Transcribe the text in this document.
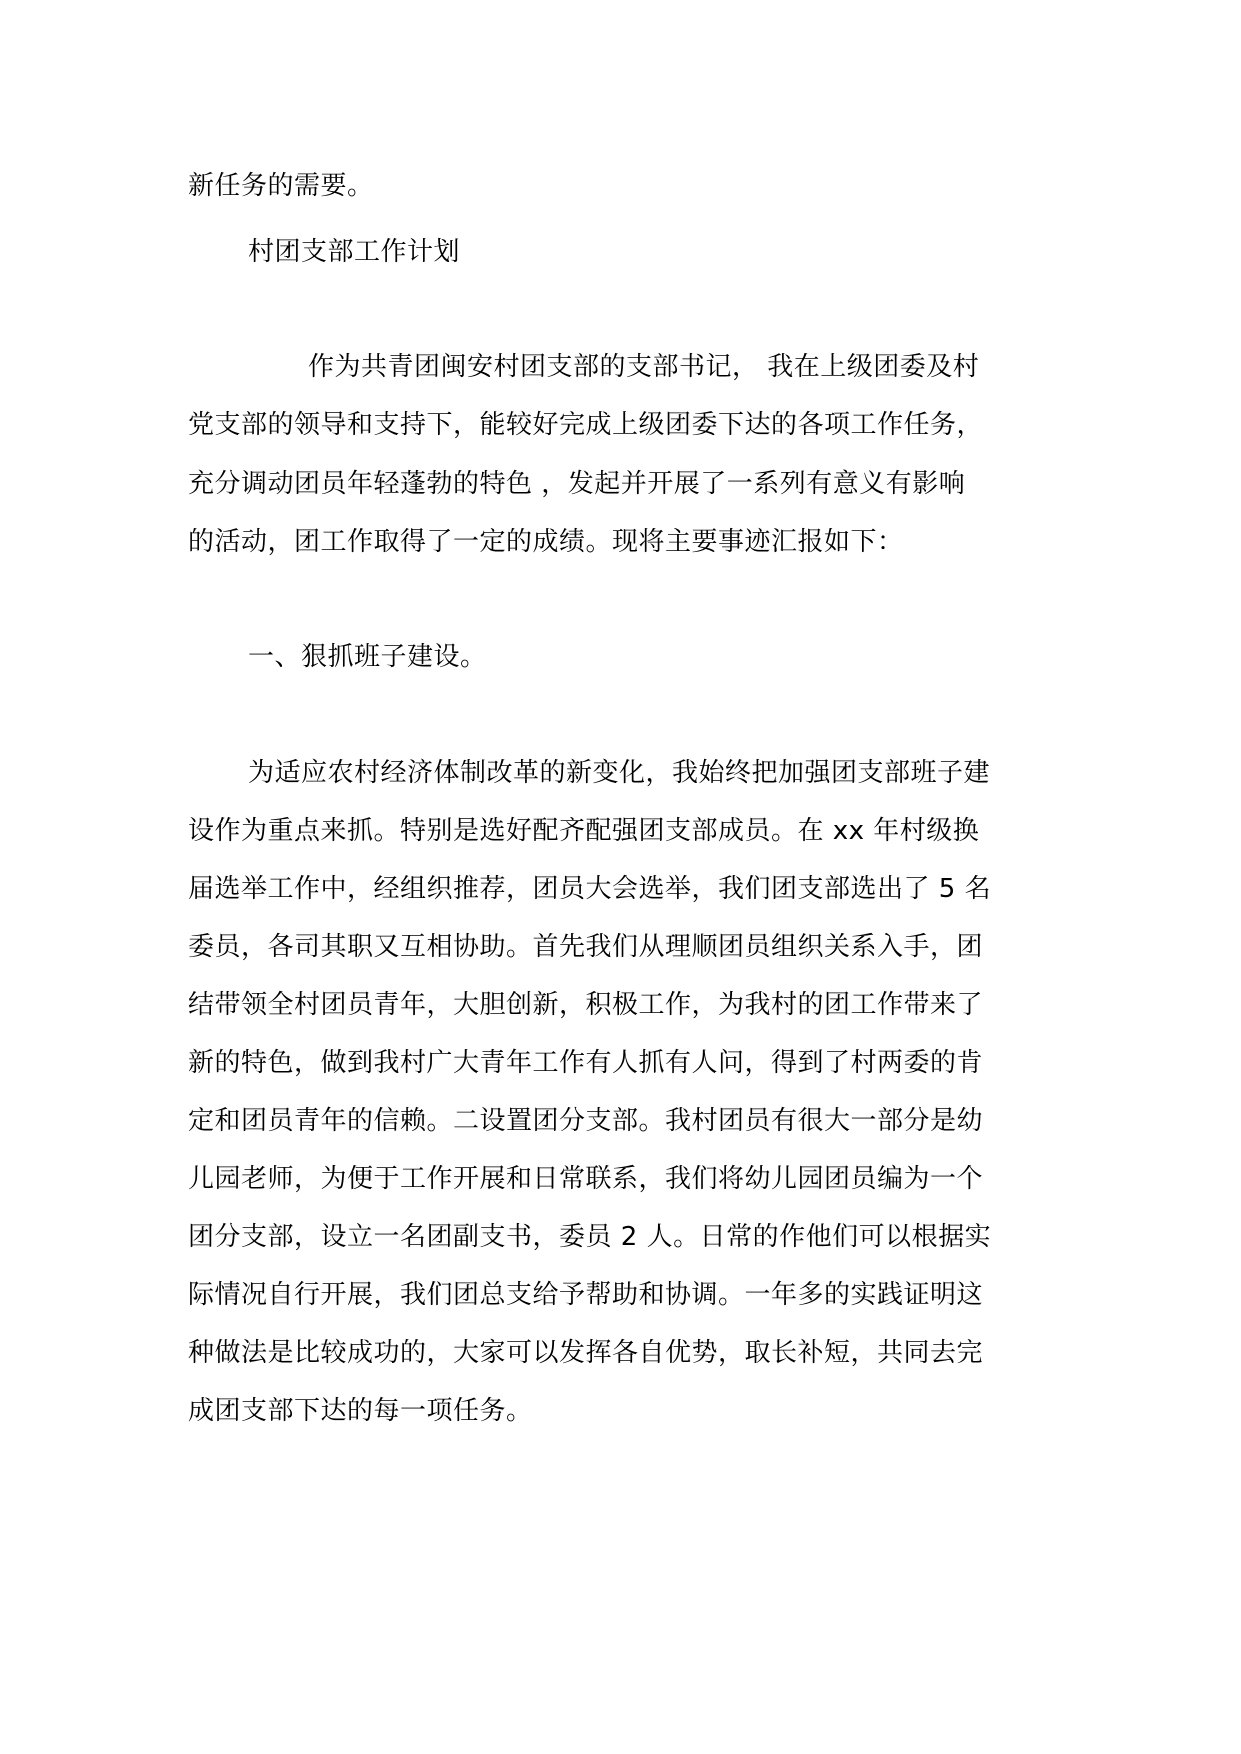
新任务的需要。
村团支部工作计划
作为共青团闽安村团支部的支部书记， 我在上级团委及村
党支部的领导和支持下，能较好完成上级团委下达的各项工作任务，
充分调动团员年轻蓬勃的特色 ，发起并开展了一系列有意义有影响
的活动，团工作取得了一定的成绩。现将主要事迹汇报如下：
一、狠抓班子建设。
为适应农村经济体制改革的新变化，我始终把加强团支部班子建
设作为重点来抓。特别是选好配齐配强团支部成员。在 xx 年村级换
届选举工作中，经组织推荐，团员大会选举，我们团支部选出了 5 名
委员，各司其职又互相协助。首先我们从理顺团员组织关系入手，团
结带领全村团员青年，大胆创新，积极工作，为我村的团工作带来了
新的特色，做到我村广大青年工作有人抓有人问，得到了村两委的肯
定和团员青年的信赖。二设置团分支部。我村团员有很大一部分是幼
儿园老师，为便于工作开展和日常联系，我们将幼儿园团员编为一个
团分支部，设立一名团副支书，委员 2 人。日常的作他们可以根据实
际情况自行开展，我们团总支给予帮助和协调。一年多的实践证明这
种做法是比较成功的，大家可以发挥各自优势，取长补短，共同去完
成团支部下达的每一项任务。
